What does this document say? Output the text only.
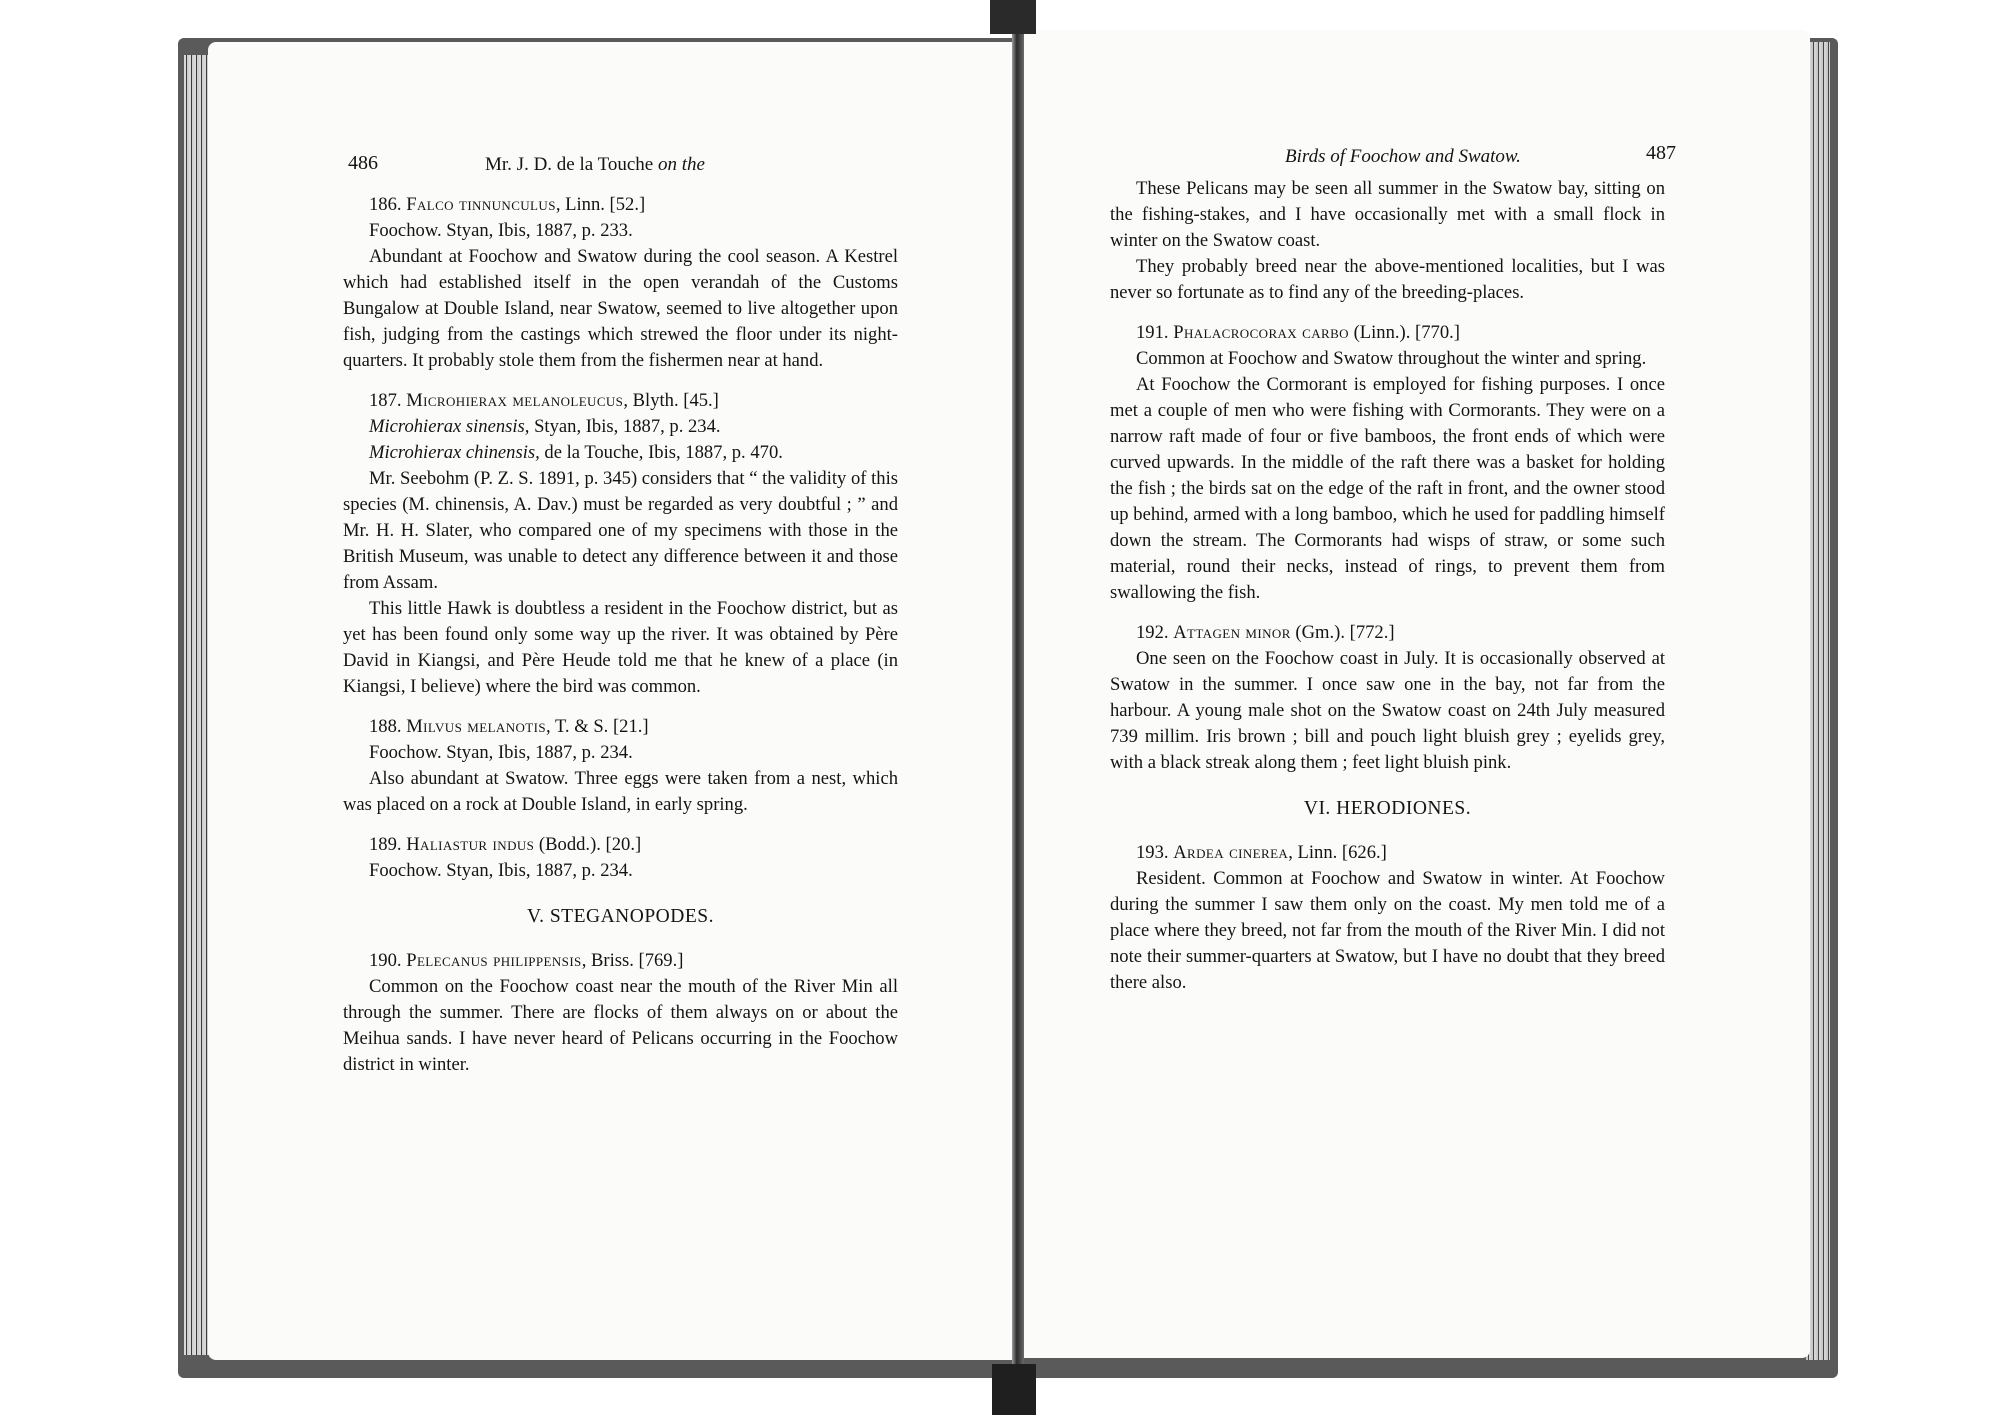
486	Mr. J. D. de la Touche on the

186. Falco tinnunculus, Linn. [52.]

Foochow. Styan, Ibis, 1887, p. 233.

Abundant at Foochow and Swatow during the cool season. A Kestrel which had established itself in the open verandah of the Customs Bungalow at Double Island, near Swatow, seemed to live altogether upon fish, judging from the castings which strewed the floor under its night-quarters. It probably stole them from the fishermen near at hand.

187. Microhierax melanoleucus, Blyth. [45.]

Microhierax sinensis, Styan, Ibis, 1887, p. 234.

Microhierax chinensis, de la Touche, Ibis, 1887, p. 470.

Mr. Seebohm (P. Z. S. 1891, p. 345) considers that “ the validity of this species (M. chinensis, A. Dav.) must be regarded as very doubtful ; ” and Mr. H. H. Slater, who compared one of my specimens with those in the British Museum, was unable to detect any difference between it and those from Assam.

This little Hawk is doubtless a resident in the Foochow district, but as yet has been found only some way up the river. It was obtained by Père David in Kiangsi, and Père Heude told me that he knew of a place (in Kiangsi, I believe) where the bird was common.

188. Milvus melanotis, T. & S. [21.]

Foochow. Styan, Ibis, 1887, p. 234.

Also abundant at Swatow. Three eggs were taken from a nest, which was placed on a rock at Double Island, in early spring.

189. Haliastur indus (Bodd.). [20.]

Foochow. Styan, Ibis, 1887, p. 234.

V. STEGANOPODES.

190. Pelecanus philippensis, Briss. [769.]

Common on the Foochow coast near the mouth of the River Min all through the summer. There are flocks of them always on or about the Meihua sands. I have never heard of Pelicans occurring in the Foochow district in winter.

Birds of Foochow and Swatow.	487

These Pelicans may be seen all summer in the Swatow bay, sitting on the fishing-stakes, and I have occasionally met with a small flock in winter on the Swatow coast.

They probably breed near the above-mentioned localities, but I was never so fortunate as to find any of the breeding-places.

191. Phalacrocorax carbo (Linn.). [770.]

Common at Foochow and Swatow throughout the winter and spring.

At Foochow the Cormorant is employed for fishing purposes. I once met a couple of men who were fishing with Cormorants. They were on a narrow raft made of four or five bamboos, the front ends of which were curved upwards. In the middle of the raft there was a basket for holding the fish ; the birds sat on the edge of the raft in front, and the owner stood up behind, armed with a long bamboo, which he used for paddling himself down the stream. The Cormorants had wisps of straw, or some such material, round their necks, instead of rings, to prevent them from swallowing the fish.

192. Attagen minor (Gm.). [772.]

One seen on the Foochow coast in July. It is occasionally observed at Swatow in the summer. I once saw one in the bay, not far from the harbour. A young male shot on the Swatow coast on 24th July measured 739 millim. Iris brown ; bill and pouch light bluish grey ; eyelids grey, with a black streak along them ; feet light bluish pink.

VI. HERODIONES.

193. Ardea cinerea, Linn. [626.]

Resident. Common at Foochow and Swatow in winter. At Foochow during the summer I saw them only on the coast. My men told me of a place where they breed, not far from the mouth of the River Min. I did not note their summer-quarters at Swatow, but I have no doubt that they breed there also.
